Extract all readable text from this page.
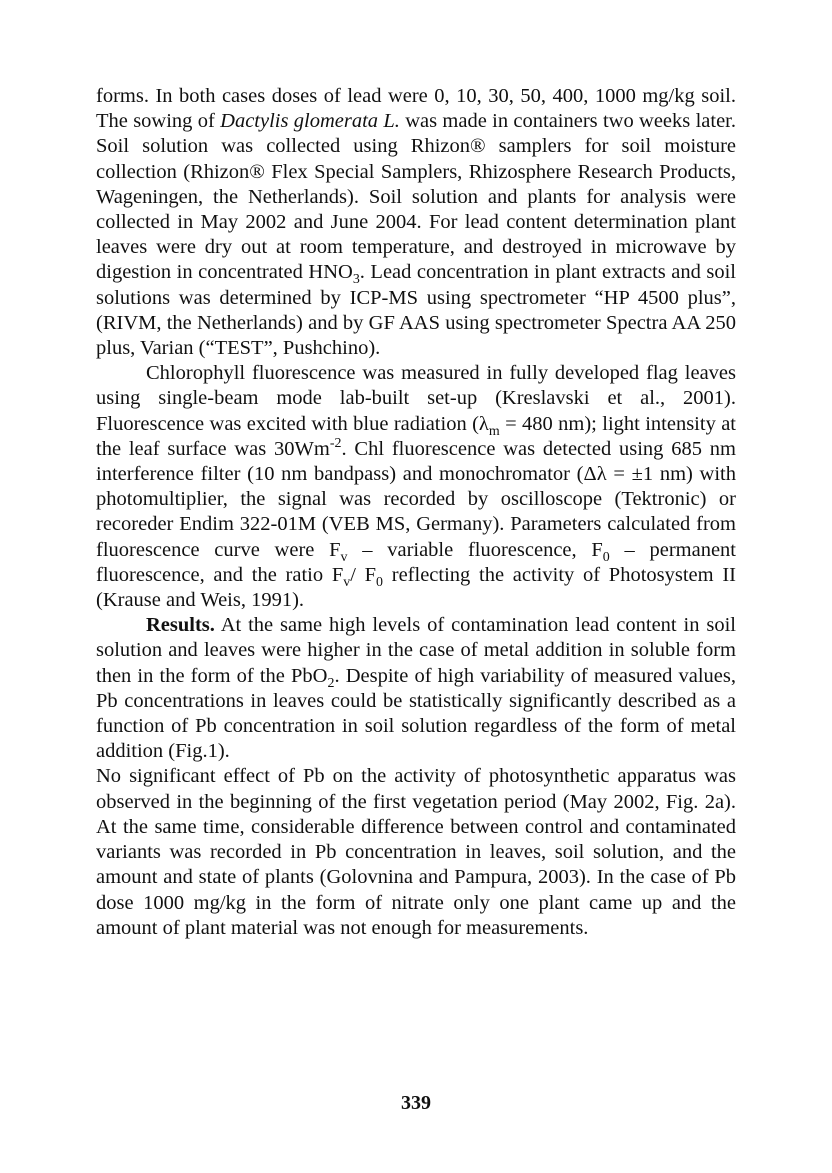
forms. In both cases doses of lead were 0, 10, 30, 50, 400, 1000 mg/kg soil. The sowing of Dactylis glomerata L. was made in containers two weeks later. Soil solution was collected using Rhizon® samplers for soil moisture collection (Rhizon® Flex Special Samplers, Rhizosphere Research Products, Wageningen, the Netherlands). Soil solution and plants for analysis were collected in May 2002 and June 2004. For lead content determination plant leaves were dry out at room temperature, and destroyed in microwave by digestion in concentrated $HNO_3$. Lead concentration in plant extracts and soil solutions was determined by ICP-MS using spectrometer “HP 4500 plus”, (RIVM, the Netherlands) and by GF AAS using spectrometer Spectra AA 250 plus, Varian (“TEST”, Pushchino).

Chlorophyll fluorescence was measured in fully developed flag leaves using single-beam mode lab-built set-up (Kreslavski et al., 2001). Fluorescence was excited with blue radiation ($\lambda_m = 480$ nm); light intensity at the leaf surface was $30Wm^{-2}$. Chl fluorescence was detected using 685 nm interference filter (10 nm bandpass) and monochromator (Δλ = ±1 nm) with photomultiplier, the signal was recorded by oscilloscope (Tektronic) or recoreder Endim 322-01M (VEB MS, Germany). Parameters calculated from fluorescence curve were $F_v$ – variable fluorescence, $F_0$ – permanent fluorescence, and the ratio $F_v/$ $F_0$ reflecting the activity of Photosystem II (Krause and Weis, 1991).

Results. At the same high levels of contamination lead content in soil solution and leaves were higher in the case of metal addition in soluble form then in the form of the PbO$_2$. Despite of high variability of measured values, Pb concentrations in leaves could be statistically significantly described as a function of Pb concentration in soil solution regardless of the form of metal addition (Fig.1).

No significant effect of Pb on the activity of photosynthetic apparatus was observed in the beginning of the first vegetation period (May 2002, Fig. 2a). At the same time, considerable difference between control and contaminated variants was recorded in Pb concentration in leaves, soil solution, and the amount and state of plants (Golovnina and Pampura, 2003). In the case of Pb dose 1000 mg/kg in the form of nitrate only one plant came up and the amount of plant material was not enough for measurements.

339
